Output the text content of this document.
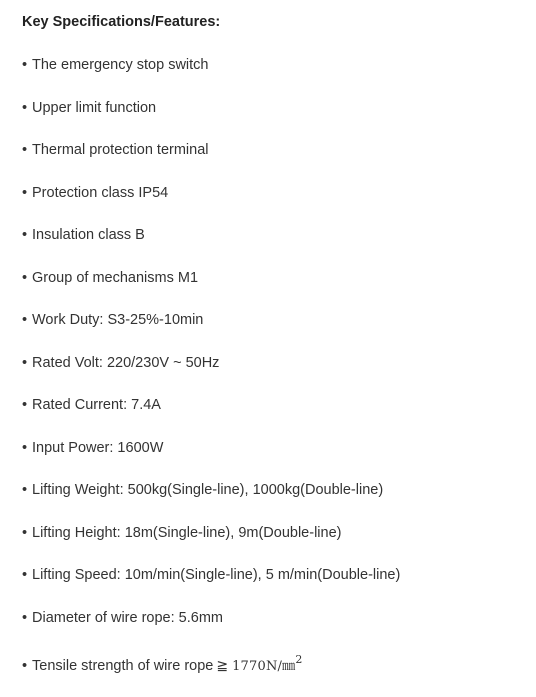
Key Specifications/Features:
• The emergency stop switch
• Upper limit function
• Thermal protection terminal
• Protection class IP54
• Insulation class B
• Group of mechanisms M1
• Work Duty: S3-25%-10min
• Rated Volt: 220/230V ~ 50Hz
• Rated Current: 7.4A
• Input Power: 1600W
• Lifting Weight: 500kg(Single-line), 1000kg(Double-line)
• Lifting Height: 18m(Single-line), 9m(Double-line)
• Lifting Speed: 10m/min(Single-line), 5 m/min(Double-line)
• Diameter of wire rope: 5.6mm
• Tensile strength of wire rope ≧ 1770N/㎜$^2$
